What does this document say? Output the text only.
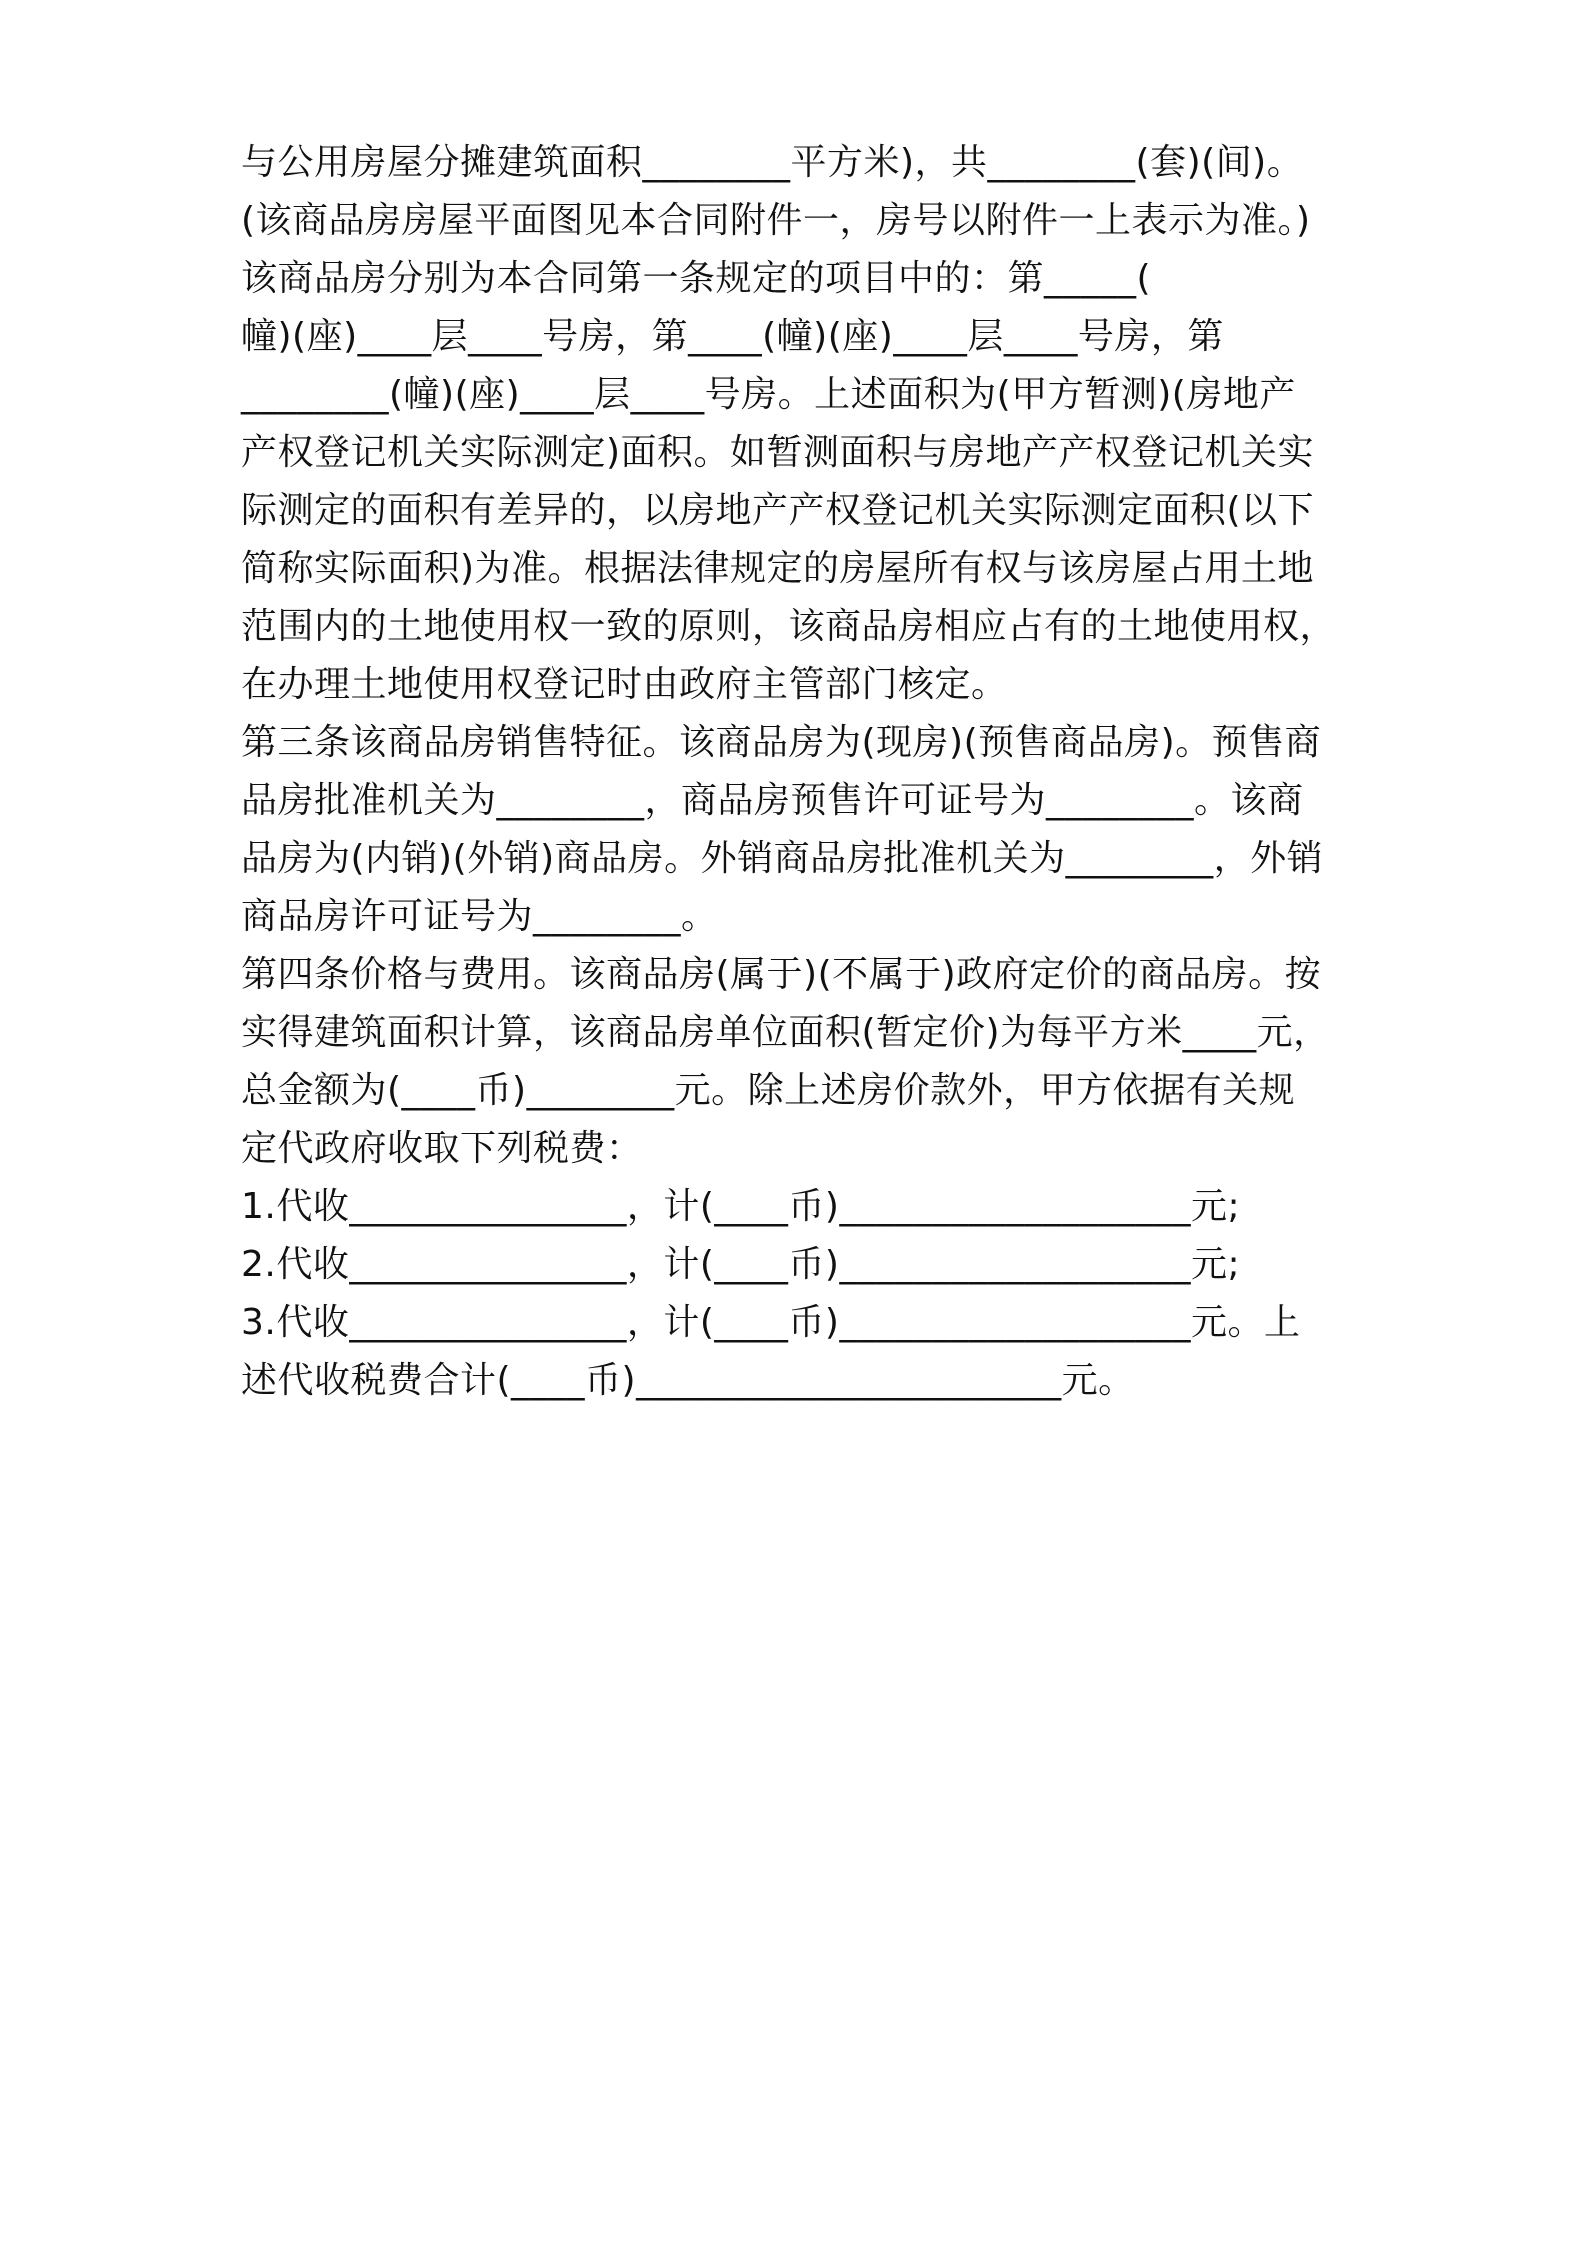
与公用房屋分摊建筑面积________平方米)，共________(套)(间)。
(该商品房房屋平面图见本合同附件一，房号以附件一上表示为准。)
该商品房分别为本合同第一条规定的项目中的：第_____(
幢)(座)____层____号房，第____(幢)(座)____层____号房，第
________(幢)(座)____层____号房。上述面积为(甲方暂测)(房地产
产权登记机关实际测定)面积。如暂测面积与房地产产权登记机关实
际测定的面积有差异的，以房地产产权登记机关实际测定面积(以下
简称实际面积)为准。根据法律规定的房屋所有权与该房屋占用土地
范围内的土地使用权一致的原则，该商品房相应占有的土地使用权，
在办理土地使用权登记时由政府主管部门核定。
第三条该商品房销售特征。该商品房为(现房)(预售商品房)。预售商
品房批准机关为________，商品房预售许可证号为________。该商
品房为(内销)(外销)商品房。外销商品房批准机关为________，外销
商品房许可证号为________。
第四条价格与费用。该商品房(属于)(不属于)政府定价的商品房。按
实得建筑面积计算，该商品房单位面积(暂定价)为每平方米____元，
总金额为(____币)________元。除上述房价款外，甲方依据有关规
定代政府收取下列税费：
1.代收_______________，计(____币)___________________元;
2.代收_______________，计(____币)___________________元;
3.代收_______________，计(____币)___________________元。上
述代收税费合计(____币)_______________________元。
